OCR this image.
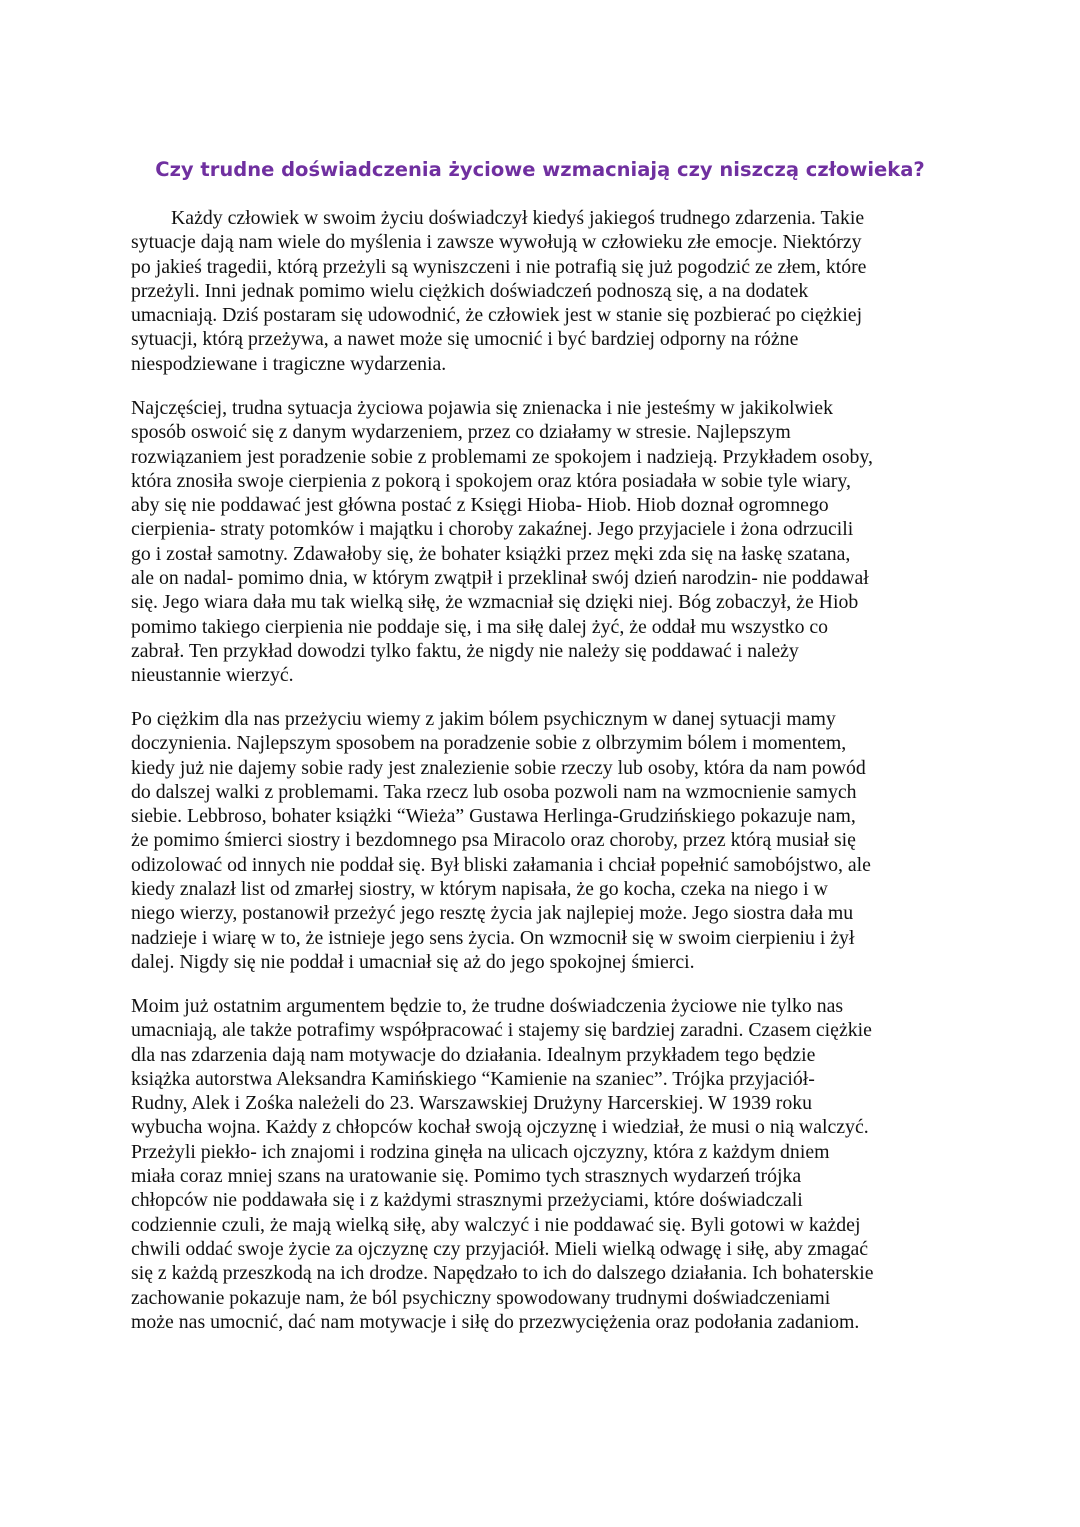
Czy trudne doświadczenia życiowe wzmacniają czy niszczą człowieka?

Każdy człowiek w swoim życiu doświadczył kiedyś jakiegoś trudnego zdarzenia. Takie
sytuacje dają nam wiele do myślenia i zawsze wywołują w człowieku złe emocje. Niektórzy
po jakieś tragedii, którą przeżyli są wyniszczeni i nie potrafią się już pogodzić ze złem, które
przeżyli. Inni jednak pomimo wielu ciężkich doświadczeń podnoszą się, a na dodatek
umacniają. Dziś postaram się udowodnić, że człowiek jest w stanie się pozbierać po ciężkiej
sytuacji, którą przeżywa, a nawet może się umocnić i być bardziej odporny na różne
niespodziewane i tragiczne wydarzenia.

Najczęściej, trudna sytuacja życiowa pojawia się znienacka i nie jesteśmy w jakikolwiek
sposób oswoić się z danym wydarzeniem, przez co działamy w stresie. Najlepszym
rozwiązaniem jest poradzenie sobie z problemami ze spokojem i nadzieją. Przykładem osoby,
która znosiła swoje cierpienia z pokorą i spokojem oraz która posiadała w sobie tyle wiary,
aby się nie poddawać jest główna postać z Księgi Hioba- Hiob. Hiob doznał ogromnego
cierpienia- straty potomków i majątku i choroby zakaźnej. Jego przyjaciele i żona odrzucili
go i został samotny. Zdawałoby się, że bohater książki przez męki zda się na łaskę szatana,
ale on nadal- pomimo dnia, w którym zwątpił i przeklinał swój dzień narodzin- nie poddawał
się. Jego wiara dała mu tak wielką siłę, że wzmacniał się dzięki niej. Bóg zobaczył, że Hiob
pomimo takiego cierpienia nie poddaje się, i ma siłę dalej żyć, że oddał mu wszystko co
zabrał. Ten przykład dowodzi tylko faktu, że nigdy nie należy się poddawać i należy
nieustannie wierzyć.

Po ciężkim dla nas przeżyciu wiemy z jakim bólem psychicznym w danej sytuacji mamy
doczynienia. Najlepszym sposobem na poradzenie sobie z olbrzymim bólem i momentem,
kiedy już nie dajemy sobie rady jest znalezienie sobie rzeczy lub osoby, która da nam powód
do dalszej walki z problemami. Taka rzecz lub osoba pozwoli nam na wzmocnienie samych
siebie. Lebbroso, bohater książki “Wieża” Gustawa Herlinga-Grudzińskiego pokazuje nam,
że pomimo śmierci siostry i bezdomnego psa Miracolo oraz choroby, przez którą musiał się
odizolować od innych nie poddał się. Był bliski załamania i chciał popełnić samobójstwo, ale
kiedy znalazł list od zmarłej siostry, w którym napisała, że go kocha, czeka na niego i w
niego wierzy, postanowił przeżyć jego resztę życia jak najlepiej może. Jego siostra dała mu
nadzieje i wiarę w to, że istnieje jego sens życia. On wzmocnił się w swoim cierpieniu i żył
dalej. Nigdy się nie poddał i umacniał się aż do jego spokojnej śmierci.

Moim już ostatnim argumentem będzie to, że trudne doświadczenia życiowe nie tylko nas
umacniają, ale także potrafimy współpracować i stajemy się bardziej zaradni. Czasem ciężkie
dla nas zdarzenia dają nam motywacje do działania. Idealnym przykładem tego będzie
książka autorstwa Aleksandra Kamińskiego “Kamienie na szaniec”. Trójka przyjaciół-
Rudny, Alek i Zośka należeli do 23. Warszawskiej Drużyny Harcerskiej. W 1939 roku
wybucha wojna. Każdy z chłopców kochał swoją ojczyznę i wiedział, że musi o nią walczyć.
Przeżyli piekło- ich znajomi i rodzina ginęła na ulicach ojczyzny, która z każdym dniem
miała coraz mniej szans na uratowanie się. Pomimo tych strasznych wydarzeń trójka
chłopców nie poddawała się i z każdymi strasznymi przeżyciami, które doświadczali
codziennie czuli, że mają wielką siłę, aby walczyć i nie poddawać się. Byli gotowi w każdej
chwili oddać swoje życie za ojczyznę czy przyjaciół. Mieli wielką odwagę i siłę, aby zmagać
się z każdą przeszkodą na ich drodze. Napędzało to ich do dalszego działania. Ich bohaterskie
zachowanie pokazuje nam, że ból psychiczny spowodowany trudnymi doświadczeniami
może nas umocnić, dać nam motywacje i siłę do przezwyciężenia oraz podołania zadaniom.
